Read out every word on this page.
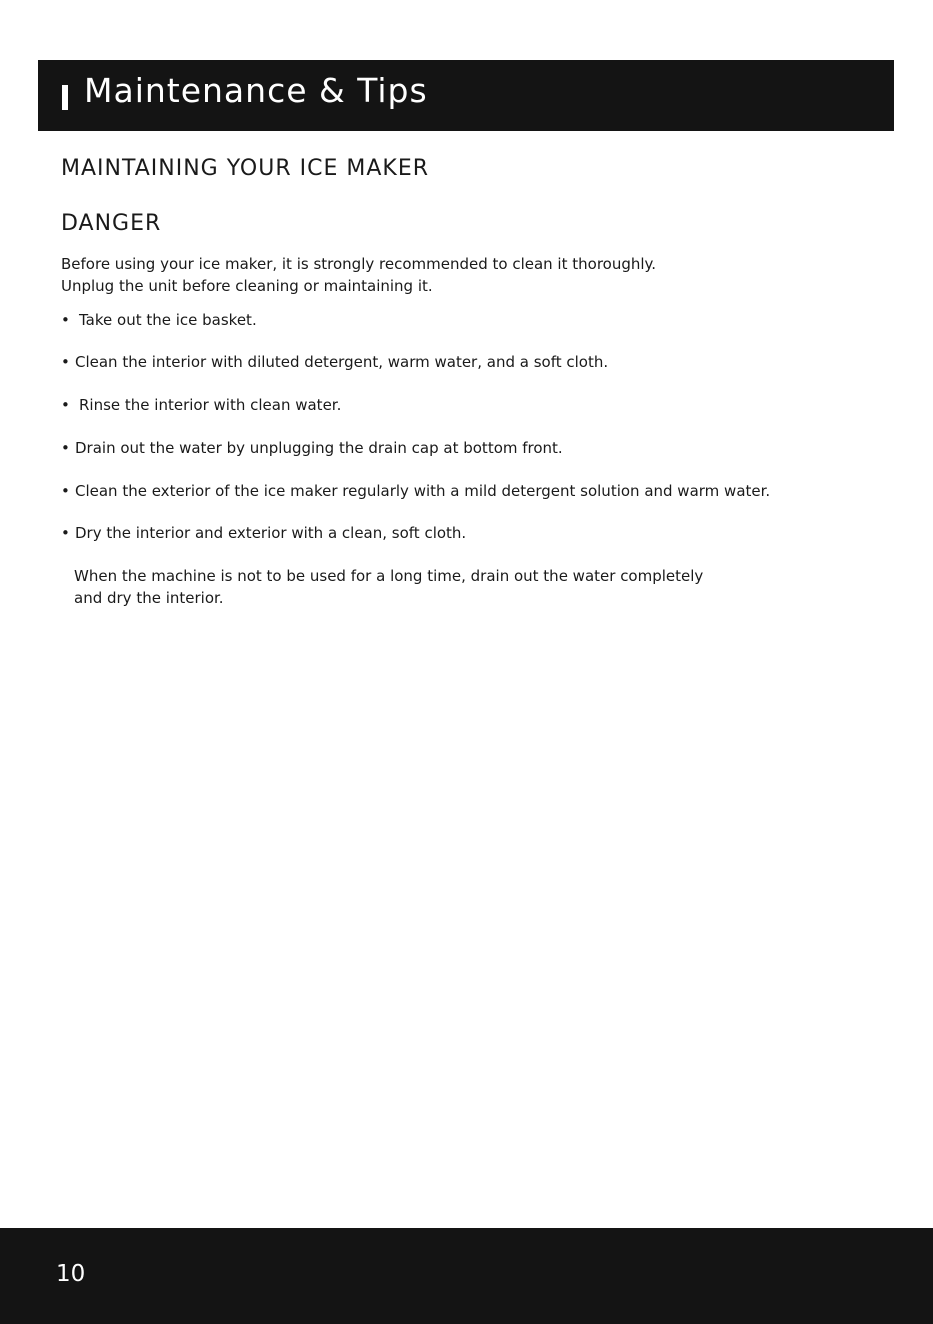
Maintenance & Tips
MAINTAINING YOUR ICE MAKER
DANGER
Before using your ice maker, it is strongly recommended to clean it thoroughly.
Unplug the unit before cleaning or maintaining it.
• Take out the ice basket.
• Clean the interior with diluted detergent, warm water, and a soft cloth.
• Rinse the interior with clean water.
• Drain out the water by unplugging the drain cap at bottom front.
• Clean the exterior of the ice maker regularly with a mild detergent solution and warm water.
• Dry the interior and exterior with a clean, soft cloth.
When the machine is not to be used for a long time, drain out the water completely
and dry the interior.
10
